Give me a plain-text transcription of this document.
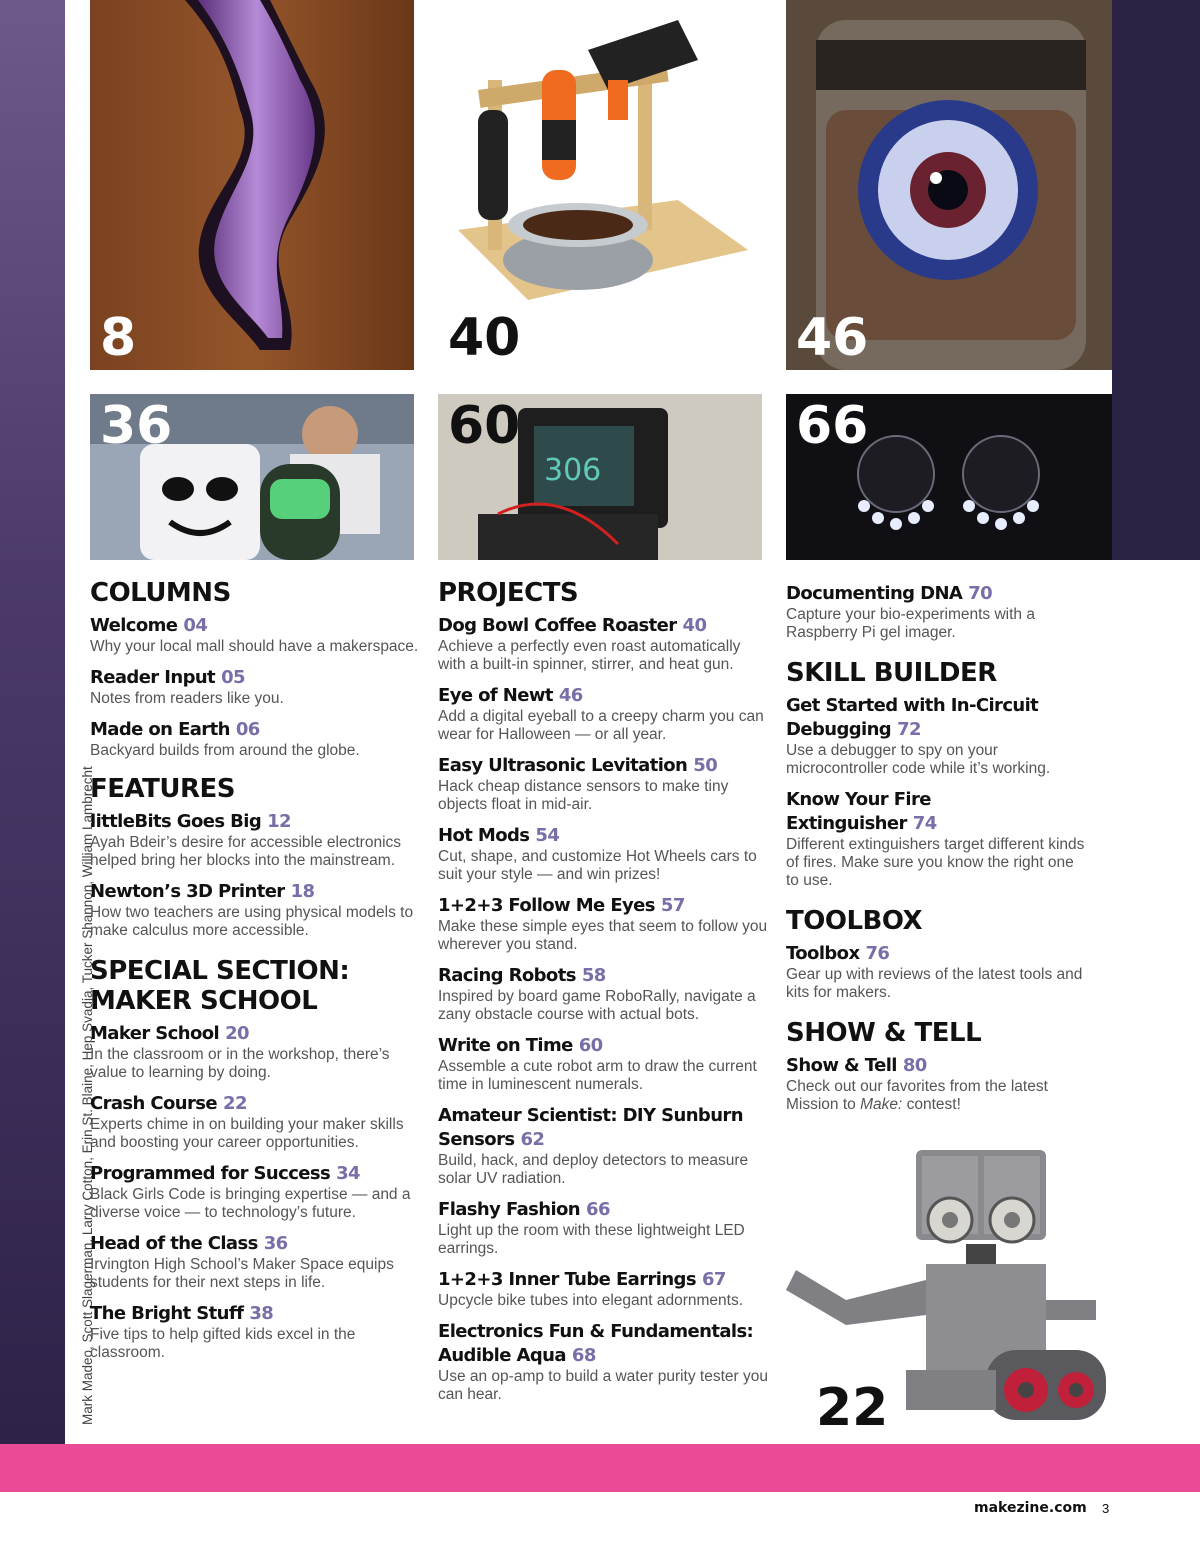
Mark Madeo, Scott Slagerman, Larry Cotton, Erin St. Blaine, Hep Svadja, Tucker Shannon, William Lambrecht
8	40	46
36
306
60	66
COLUMNS
Welcome 04
Why your local mall should have a makerspace.
Reader Input 05
Notes from readers like you.
Made on Earth 06
Backyard builds from around the globe.
FEATURES
littleBits Goes Big 12
Ayah Bdeir’s desire for accessible electronics helped bring her blocks into the mainstream.
Newton’s 3D Printer 18
How two teachers are using physical models to make calculus more accessible.
SPECIAL SECTION: MAKER SCHOOL
Maker School 20
In the classroom or in the workshop, there’s value to learning by doing.
Crash Course 22
Experts chime in on building your maker skills and boosting your career opportunities.
Programmed for Success 34
Black Girls Code is bringing expertise — and a diverse voice — to technology’s future.
Head of the Class 36
Irvington High School’s Maker Space equips students for their next steps in life.
The Bright Stuff 38
Five tips to help gifted kids excel in the classroom.
PROJECTS
Dog Bowl Coffee Roaster 40
Achieve a perfectly even roast automatically with a built-in spinner, stirrer, and heat gun.
Eye of Newt 46
Add a digital eyeball to a creepy charm you can wear for Halloween — or all year.
Easy Ultrasonic Levitation 50
Hack cheap distance sensors to make tiny objects float in mid-air.
Hot Mods 54
Cut, shape, and customize Hot Wheels cars to suit your style — and win prizes!
1+2+3 Follow Me Eyes 57
Make these simple eyes that seem to follow you wherever you stand.
Racing Robots 58
Inspired by board game RoboRally, navigate a zany obstacle course with actual bots.
Write on Time 60
Assemble a cute robot arm to draw the current time in luminescent numerals.
Amateur Scientist: DIY Sunburn Sensors 62
Build, hack, and deploy detectors to measure solar UV radiation.
Flashy Fashion 66
Light up the room with these lightweight LED earrings.
1+2+3 Inner Tube Earrings 67
Upcycle bike tubes into elegant adornments.
Electronics Fun & Fundamentals: Audible Aqua 68
Use an op-amp to build a water purity tester you can hear.
Documenting DNA 70
Capture your bio-experiments with a Raspberry Pi gel imager.
SKILL BUILDER
Get Started with In-Circuit Debugging 72
Use a debugger to spy on your microcontroller code while it’s working.
Know Your Fire Extinguisher 74
Different extinguishers target different kinds of fires. Make sure you know the right one to use.
TOOLBOX
Toolbox 76
Gear up with reviews of the latest tools and kits for makers.
SHOW & TELL
Show & Tell 80
Check out our favorites from the latest Mission to Make: contest!
22
makezine.com 3
